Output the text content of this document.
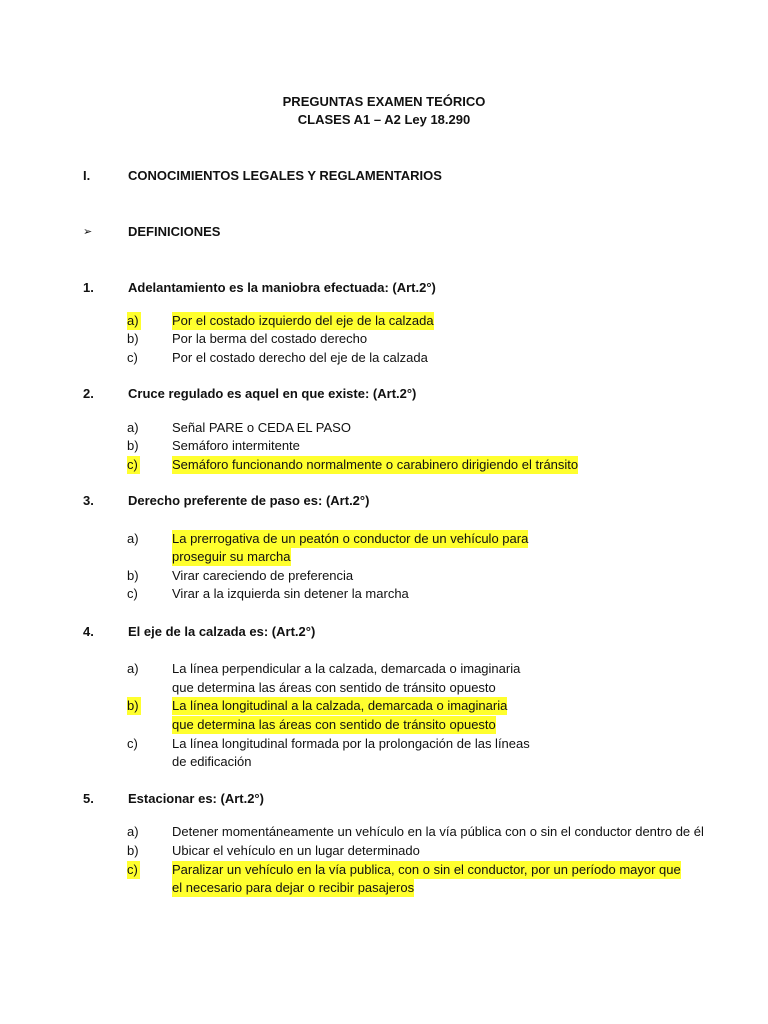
PREGUNTAS EXAMEN TEÓRICO
CLASES A1 – A2 Ley 18.290
I.	CONOCIMIENTOS LEGALES Y REGLAMENTARIOS
➢	DEFINICIONES
1.	Adelantamiento es la maniobra efectuada: (Art.2°)
a)	Por el costado izquierdo del eje de la calzada
b)	Por la berma del costado derecho
c)	Por el costado derecho del eje de la calzada
2.	Cruce regulado es aquel en que existe: (Art.2°)
a)	Señal PARE o CEDA EL PASO
b)	Semáforo intermitente
c)	Semáforo funcionando normalmente o carabinero dirigiendo el tránsito
3.	Derecho preferente de paso es: (Art.2°)
a)	La prerrogativa de un peatón o conductor de un vehículo para
proseguir su marcha
b)	Virar careciendo de preferencia
c)	Virar a la izquierda sin detener la marcha
4.	El eje de la calzada es: (Art.2°)
a)	La línea perpendicular a la calzada, demarcada o imaginaria
que determina las áreas con sentido de tránsito opuesto
b)	La línea longitudinal a la calzada, demarcada o imaginaria
que determina las áreas con sentido de tránsito opuesto
c)	La línea longitudinal formada por la prolongación de las líneas
de edificación
5.	Estacionar es: (Art.2°)
a)	Detener momentáneamente un vehículo en la vía pública con o sin el conductor dentro de él
b)	Ubicar el vehículo en un lugar determinado
c)	Paralizar un vehículo en la vía publica, con o sin el conductor, por un período mayor que
el necesario para dejar o recibir pasajeros
